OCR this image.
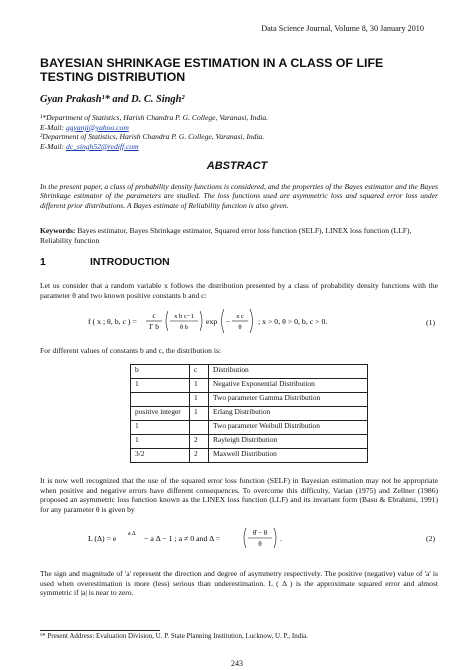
Data Science Journal, Volume 8, 30 January 2010
BAYESIAN SHRINKAGE ESTIMATION IN A CLASS OF LIFE TESTING DISTRIBUTION
Gyan Prakash¹* and D. C. Singh²
¹*Department of Statistics, Harish Chandra P. G. College, Varanasi, India.
E-Mail: ggyanji@yahoo.com
²Department of Statistics, Harish Chandra P. G. College, Varanasi, India.
E-Mail: dc_singh52@rediff.com
ABSTRACT
In the present paper, a class of probability density functions is considered, and the properties of the Bayes estimator and the Bayes Shrinkage estimator of the parameters are studied. The loss functions used are asymmetric loss and squared error loss under different prior distributions. A Bayes estimate of Reliability function is also given.
Keywords: Bayes estimator, Bayes Shrinkage estimator, Squared error loss function (SELF), LINEX loss function (LLF), Reliability function
1	INTRODUCTION
Let us consider that a random variable x follows the distribution presented by a class of probability density functions with the parameter θ and two known positive constants b and c:
f ( x ; θ, b, c ) =
c
Γ b
x b c−1
θ b
exp −
x c
θ
; x > 0, θ > 0, b, c > 0.	(1)
For different values of constants b and c, the distribution is:
b	c	Distribution
1	1	Negative Exponential Distribution
	1	Two parameter Gamma Distribution
positive integer	1	Erlang Distribution
1		Two parameter Weibull Distribution
1	2	Rayleigh Distribution
3/2	2	Maxwell Distribution
It is now well recognized that the use of the squared error loss function (SELF) in Bayesian estimation may not be appropriate when positive and negative errors have different consequences. To overcome this difficulty, Varian (1975) and Zellner (1986) proposed an asymmetric loss function known as the LINEX loss function (LLF) and its invariant form (Basu & Ebrahimi, 1991) for any parameter θ is given by
L (Δ) = e a Δ − a Δ − 1 ; a ≠ 0 and Δ =
θ̂ − θ
θ
.	(2)
The sign and magnitude of 'a' represent the direction and degree of asymmetry respectively. The positive (negative) value of 'a' is used when overestimation is more (less) serious than underestimation. L ( Δ ) is the approximate squared error and almost symmetric if |a| is near to zero.
¹* Present Address: Evaluation Division, U. P. State Planning Institution, Lucknow, U. P., India.
243
